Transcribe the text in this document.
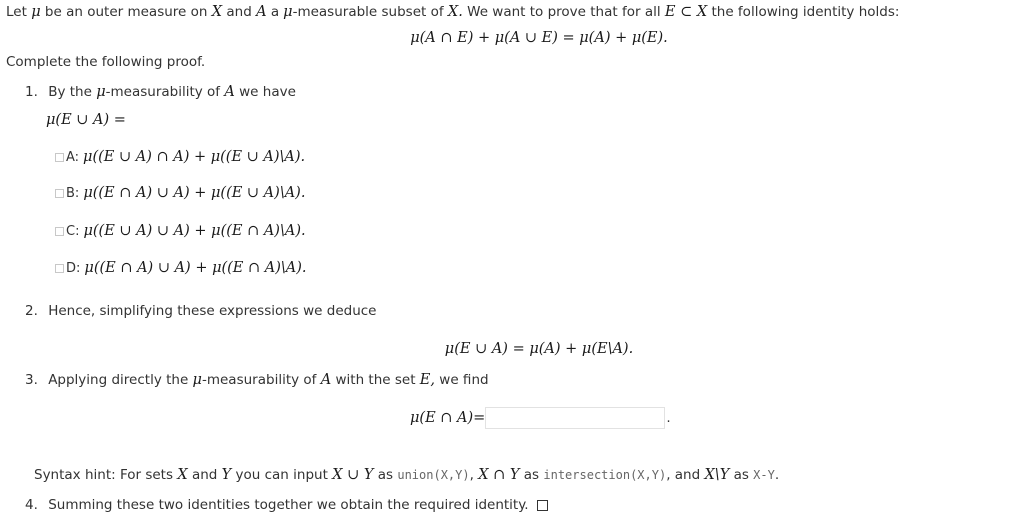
Let μ be an outer measure on X and A a μ-measurable subset of X. We want to prove that for all E ⊂ X the following identity holds:
μ(A ∩ E) + μ(A ∪ E) = μ(A) + μ(E).
Complete the following proof.
1. By the μ-measurability of A we have
μ(E ∪ A) =
A: μ((E ∪ A) ∩ A) + μ((E ∪ A)\A).
B: μ((E ∩ A) ∪ A) + μ((E ∪ A)\A).
C: μ((E ∪ A) ∪ A) + μ((E ∩ A)\A).
D: μ((E ∩ A) ∪ A) + μ((E ∩ A)\A).
2. Hence, simplifying these expressions we deduce
μ(E ∪ A) = μ(A) + μ(E\A).
3. Applying directly the μ-measurability of A with the set E, we find
μ(E ∩ A)=	.
Syntax hint: For sets X and Y you can input X ∪ Y as union(X,Y), X ∩ Y as intersection(X,Y), and X\Y as X-Y.
4. Summing these two identities together we obtain the required identity.
